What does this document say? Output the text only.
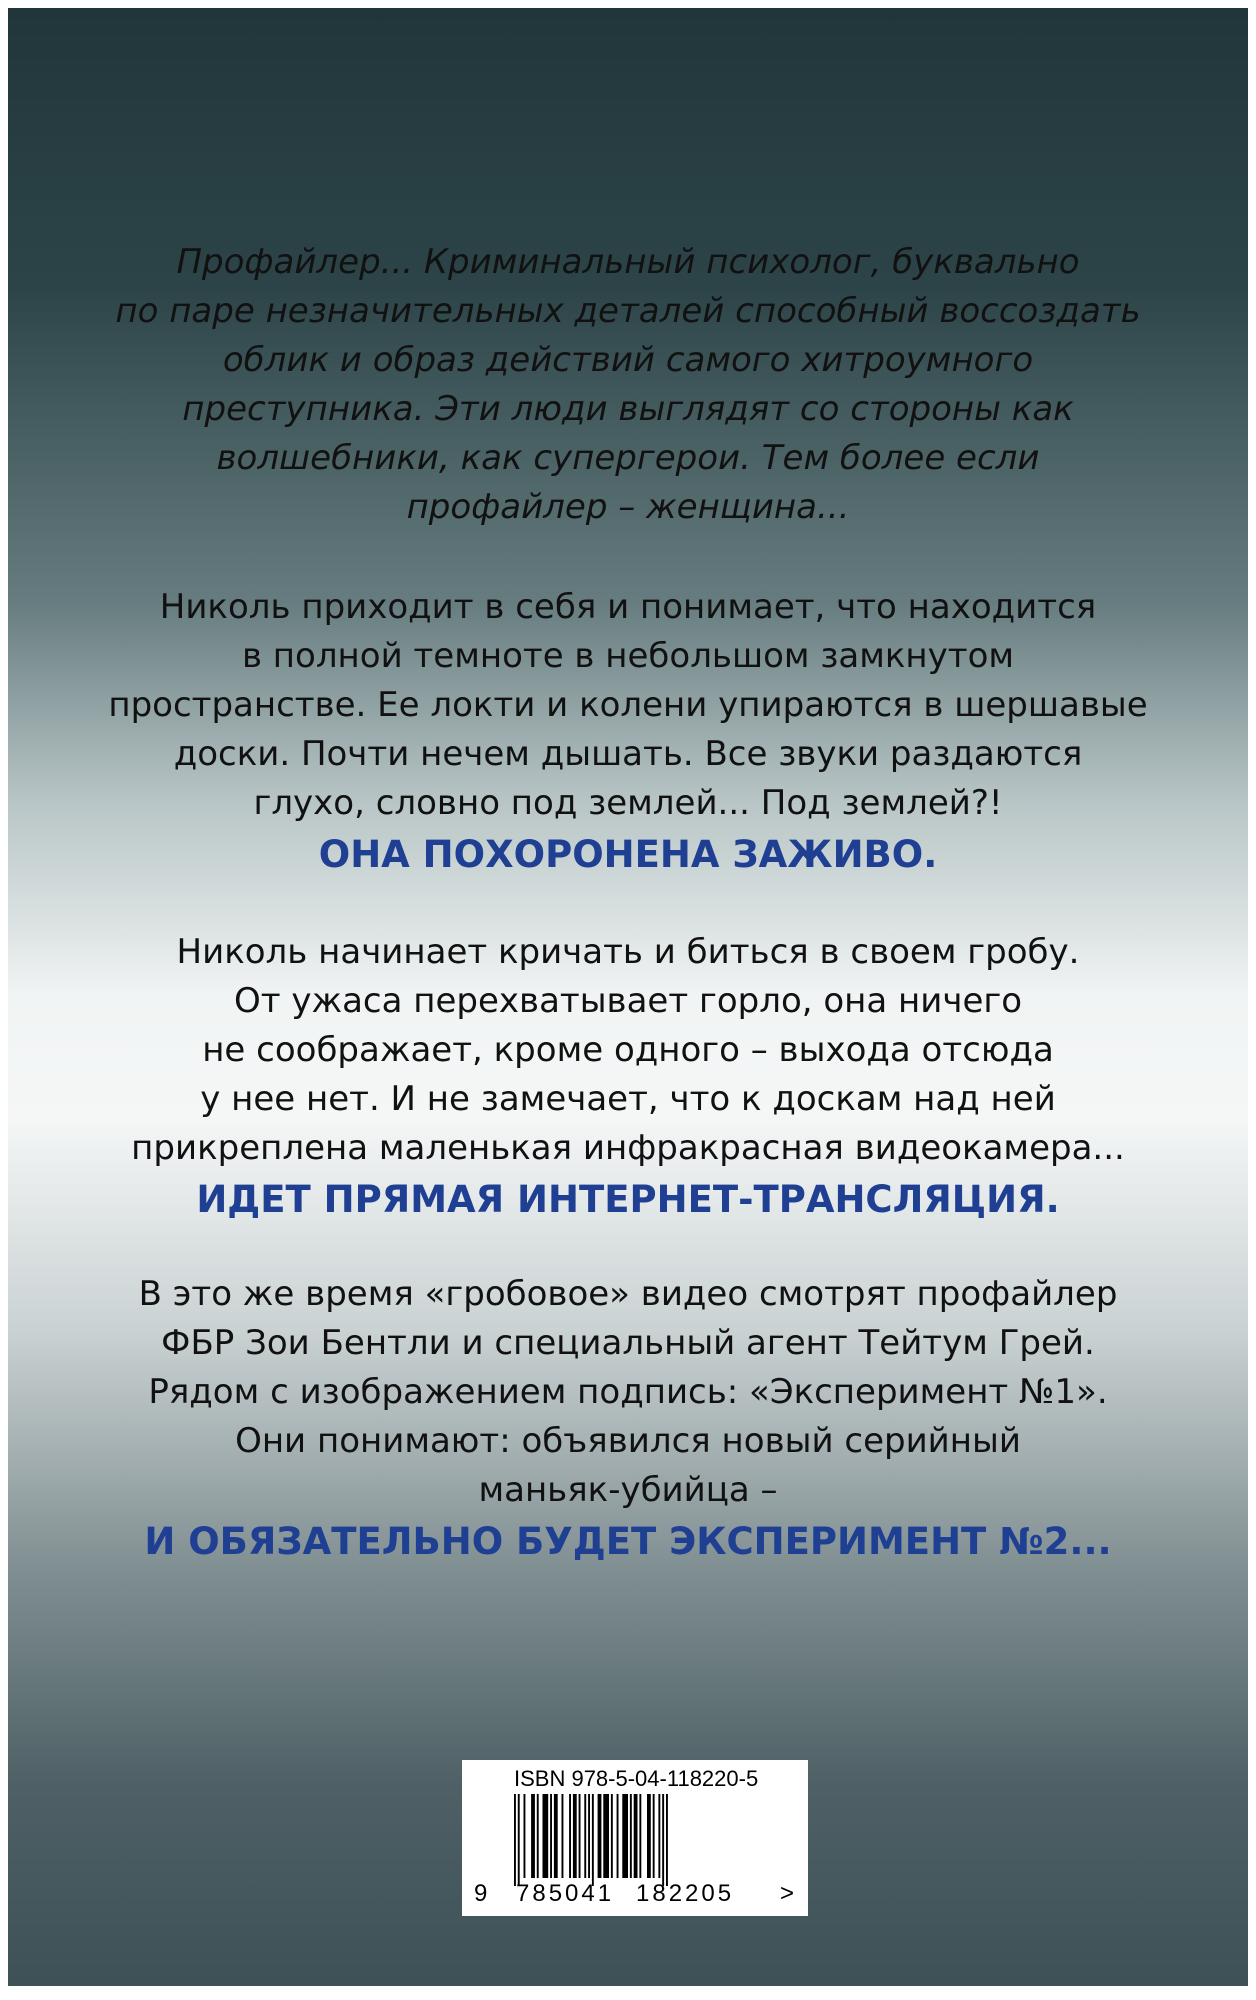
Профайлер... Криминальный психолог, буквально
по паре незначительных деталей способный воссоздать
облик и образ действий самого хитроумного
преступника. Эти люди выглядят со стороны как
волшебники, как супергерои. Тем более если
профайлер – женщина...
Николь приходит в себя и понимает, что находится
в полной темноте в небольшом замкнутом
пространстве. Ее локти и колени упираются в шершавые
доски. Почти нечем дышать. Все звуки раздаются
глухо, словно под землей... Под землей?!
ОНА ПОХОРОНЕНА ЗАЖИВО.
Николь начинает кричать и биться в своем гробу.
От ужаса перехватывает горло, она ничего
не соображает, кроме одного – выхода отсюда
у нее нет. И не замечает, что к доскам над ней
прикреплена маленькая инфракрасная видеокамера...
ИДЕТ ПРЯМАЯ ИНТЕРНЕТ-ТРАНСЛЯЦИЯ.
В это же время «гробовое» видео смотрят профайлер
ФБР Зои Бентли и специальный агент Тейтум Грей.
Рядом с изображением подпись: «Эксперимент №1».
Они понимают: объявился новый серийный
маньяк-убийца –
И ОБЯЗАТЕЛЬНО БУДЕТ ЭКСПЕРИМЕНТ №2...
ISBN 978-5-04-118220-5
9 785041 182205 >
